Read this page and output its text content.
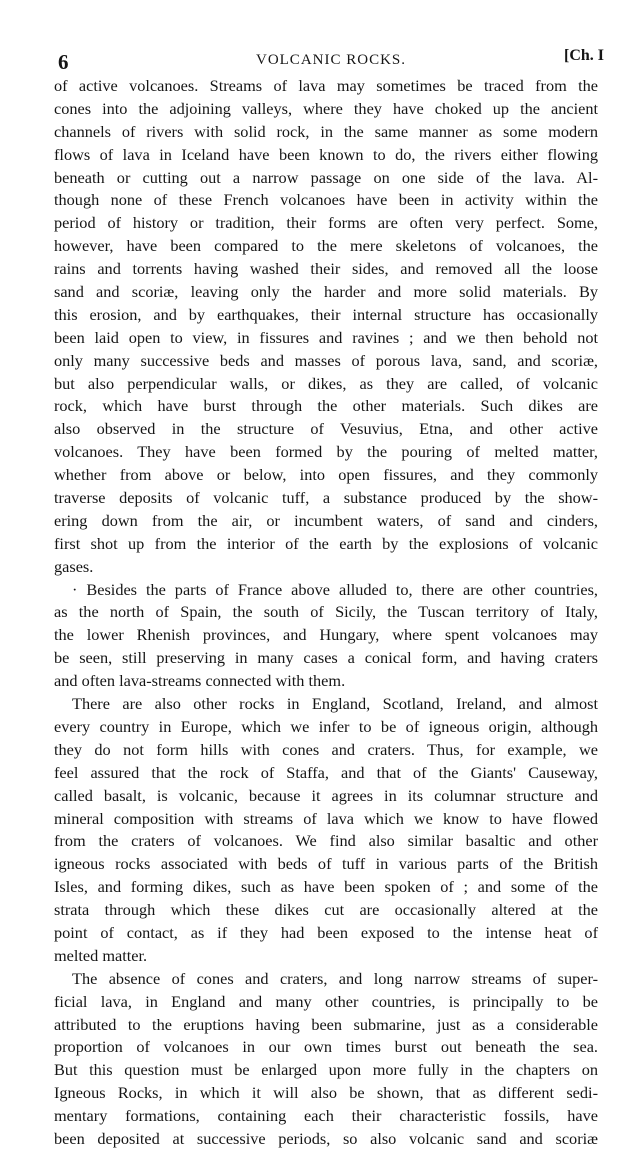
6	VOLCANIC ROCKS.	[Ch. I
of active volcanoes. Streams of lava may sometimes be traced from the
cones into the adjoining valleys, where they have choked up the ancient
channels of rivers with solid rock, in the same manner as some modern
flows of lava in Iceland have been known to do, the rivers either flowing
beneath or cutting out a narrow passage on one side of the lava. Al-
though none of these French volcanoes have been in activity within the
period of history or tradition, their forms are often very perfect. Some,
however, have been compared to the mere skeletons of volcanoes, the
rains and torrents having washed their sides, and removed all the loose
sand and scoriæ, leaving only the harder and more solid materials. By
this erosion, and by earthquakes, their internal structure has occasionally
been laid open to view, in fissures and ravines ; and we then behold not
only many successive beds and masses of porous lava, sand, and scoriæ,
but also perpendicular walls, or dikes, as they are called, of volcanic
rock, which have burst through the other materials. Such dikes are
also observed in the structure of Vesuvius, Etna, and other active
volcanoes. They have been formed by the pouring of melted matter,
whether from above or below, into open fissures, and they commonly
traverse deposits of volcanic tuff, a substance produced by the show-
ering down from the air, or incumbent waters, of sand and cinders,
first shot up from the interior of the earth by the explosions of volcanic
gases.
· Besides the parts of France above alluded to, there are other countries,
as the north of Spain, the south of Sicily, the Tuscan territory of Italy,
the lower Rhenish provinces, and Hungary, where spent volcanoes may
be seen, still preserving in many cases a conical form, and having craters
and often lava-streams connected with them.
There are also other rocks in England, Scotland, Ireland, and almost
every country in Europe, which we infer to be of igneous origin, although
they do not form hills with cones and craters. Thus, for example, we
feel assured that the rock of Staffa, and that of the Giants' Causeway,
called basalt, is volcanic, because it agrees in its columnar structure and
mineral composition with streams of lava which we know to have flowed
from the craters of volcanoes. We find also similar basaltic and other
igneous rocks associated with beds of tuff in various parts of the British
Isles, and forming dikes, such as have been spoken of ; and some of the
strata through which these dikes cut are occasionally altered at the
point of contact, as if they had been exposed to the intense heat of
melted matter.
The absence of cones and craters, and long narrow streams of super-
ficial lava, in England and many other countries, is principally to be
attributed to the eruptions having been submarine, just as a considerable
proportion of volcanoes in our own times burst out beneath the sea.
But this question must be enlarged upon more fully in the chapters on
Igneous Rocks, in which it will also be shown, that as different sedi-
mentary formations, containing each their characteristic fossils, have
been deposited at successive periods, so also volcanic sand and scoriæ
